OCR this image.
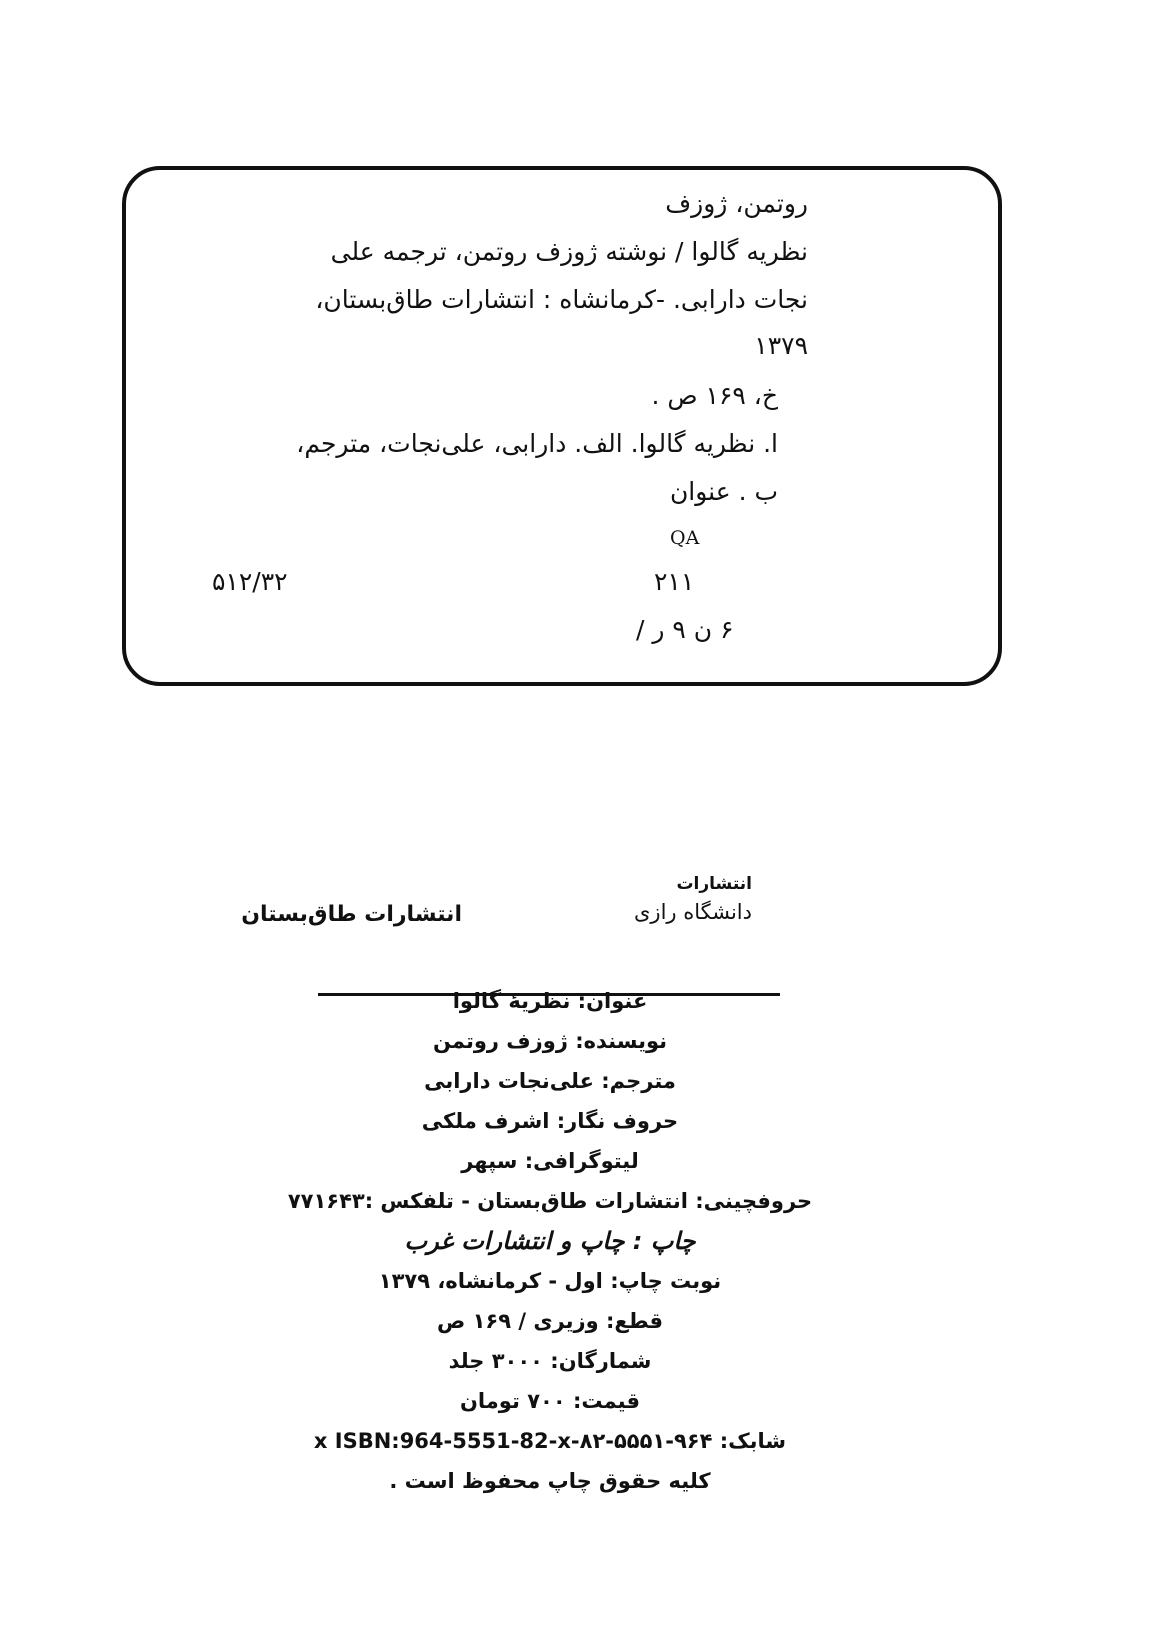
روتمن، ژوزف
نظریه گالوا / نوشته ژوزف روتمن، ترجمه علی
نجات دارابی. -کرمانشاه : انتشارات طاق‌بستان،
۱۳۷۹
خ، ۱۶۹ ص .
ا. نظریه گالوا. الف. دارابی، علی‌نجات، مترجم،
ب . عنوان
QA
۲۱۱
۶ ن ۹ ر /
۵۱۲/۳۲
انتشارات
دانشگاه رازی
انتشارات طاق‌بستان
عنوان: نظریهٔ گالوا
نویسنده: ژوزف روتمن
مترجم: علی‌نجات دارابی
حروف نگار: اشرف ملکی
لیتوگرافی: سپهر
حروفچینی: انتشارات طاق‌بستان - تلفکس :۷۷۱۶۴۳
چاپ : چاپ و انتشارات غرب
نوبت چاپ: اول - کرمانشاه، ۱۳۷۹
قطع: وزیری / ۱۶۹ ص
شمارگان: ۳۰۰۰ جلد
قیمت: ۷۰۰ تومان
شابک: ۹۶۴-۵۵۵۱-۸۲-x ISBN:964-5551-82-x
کلیه حقوق چاپ محفوظ است .
